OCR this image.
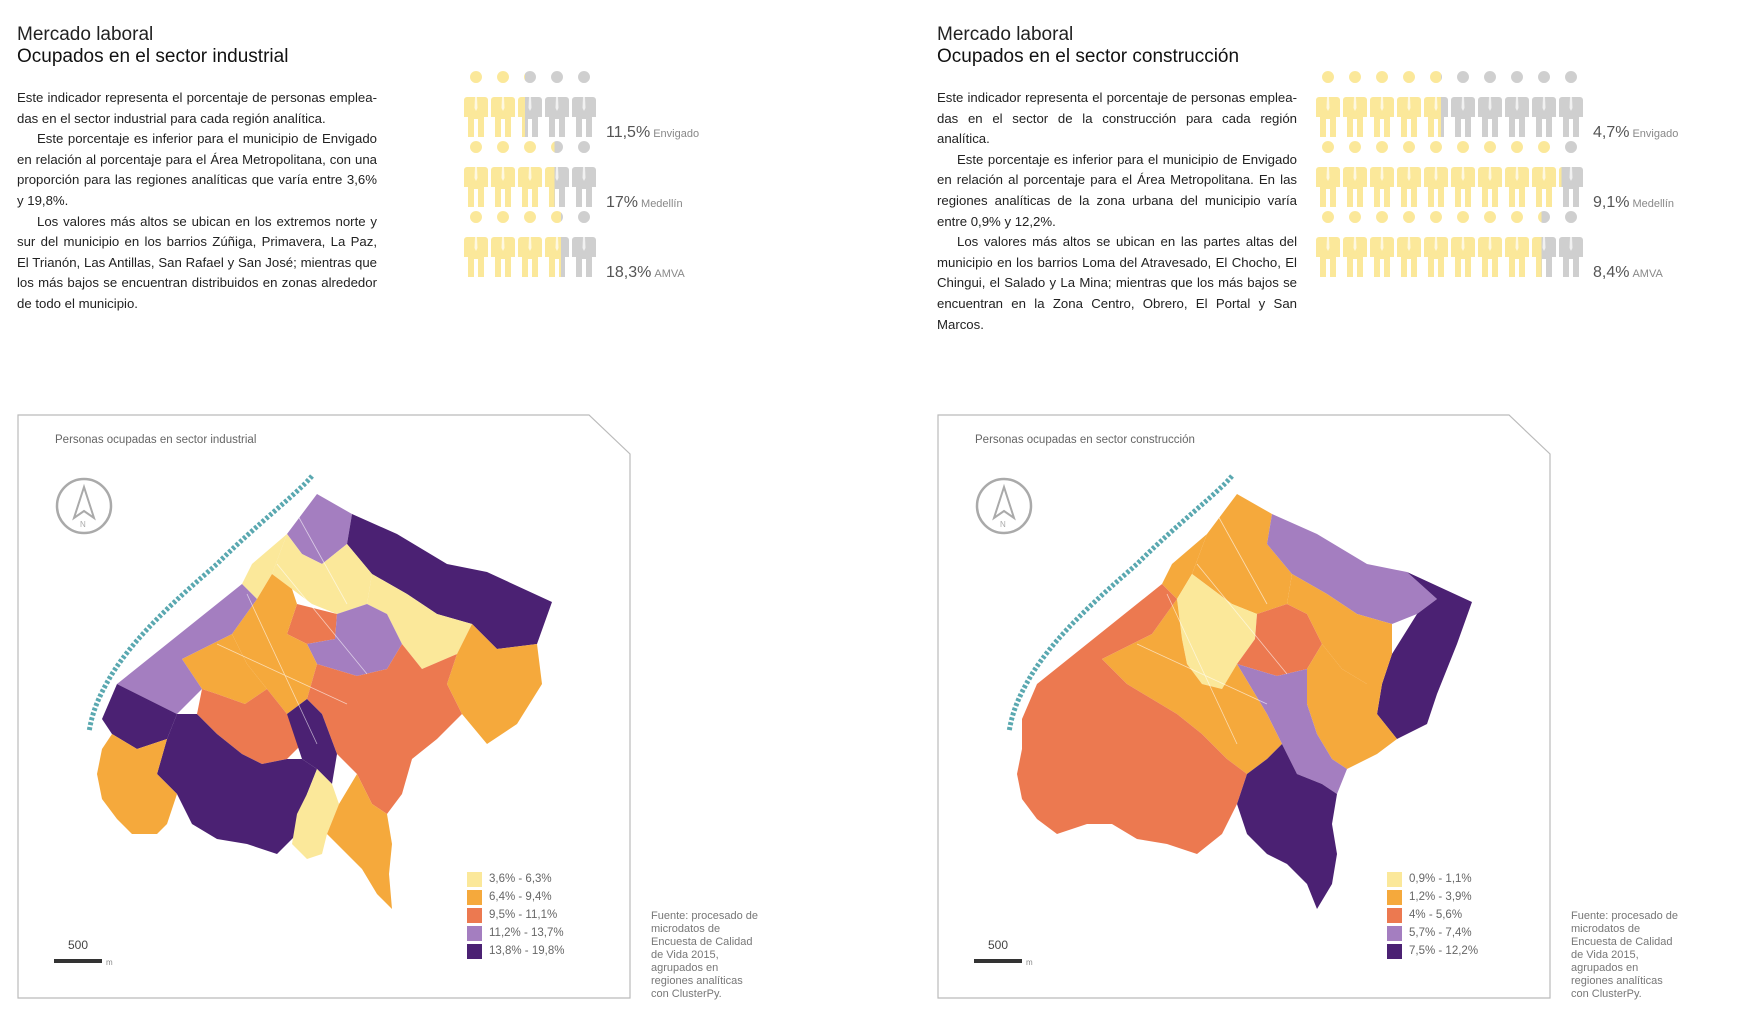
Mercado laboral
Ocupados en el sector industrial

Este indicador representa el porcentaje de personas emplea-das en el sector industrial para cada región analítica.

Este porcentaje es inferior para el municipio de Envigado en relación al porcentaje para el Área Metropolitana, con una proporción para las regiones analíticas que varía entre 3,6% y 19,8%.

Los valores más altos se ubican en los extremos norte y sur del municipio en los barrios Zúñiga, Primavera, La Paz, El Trianón, Las Antillas, San Rafael y San José; mientras que los más bajos se encuentran distribuidos en zonas alrededor de todo el municipio.

11,5% Envigado
17% Medellín
18,3% AMVA
N
Personas ocupadas en sector industrial
3,6% - 6,3%
6,4% - 9,4%
9,5% - 11,1%
11,2% - 13,7%
13,8% - 19,8%
500
m
Fuente: procesado de microdatos de Encuesta de Calidad de Vida 2015, agrupados en regiones analíticas con ClusterPy.
Mercado laboral
Ocupados en el sector construcción

Este indicador representa el porcentaje de personas emplea-das en el sector de la construcción para cada región analítica.

Este porcentaje es inferior para el municipio de Envigado en relación al porcentaje para el Área Metropolitana. En las regiones analíticas de la zona urbana del municipio varía entre 0,9% y 12,2%.

Los valores más altos se ubican en las partes altas del municipio en los barrios Loma del Atravesado, El Chocho, El Chingui, el Salado y La Mina; mientras que los más bajos se encuentran en la Zona Centro, Obrero, El Portal y San Marcos.

4,7% Envigado
9,1% Medellín
8,4% AMVA
N
Personas ocupadas en sector construcción
0,9% - 1,1%
1,2% - 3,9%
4% - 5,6%
5,7% - 7,4%
7,5% - 12,2%
500
m
Fuente: procesado de microdatos de Encuesta de Calidad de Vida 2015, agrupados en regiones analíticas con ClusterPy.
